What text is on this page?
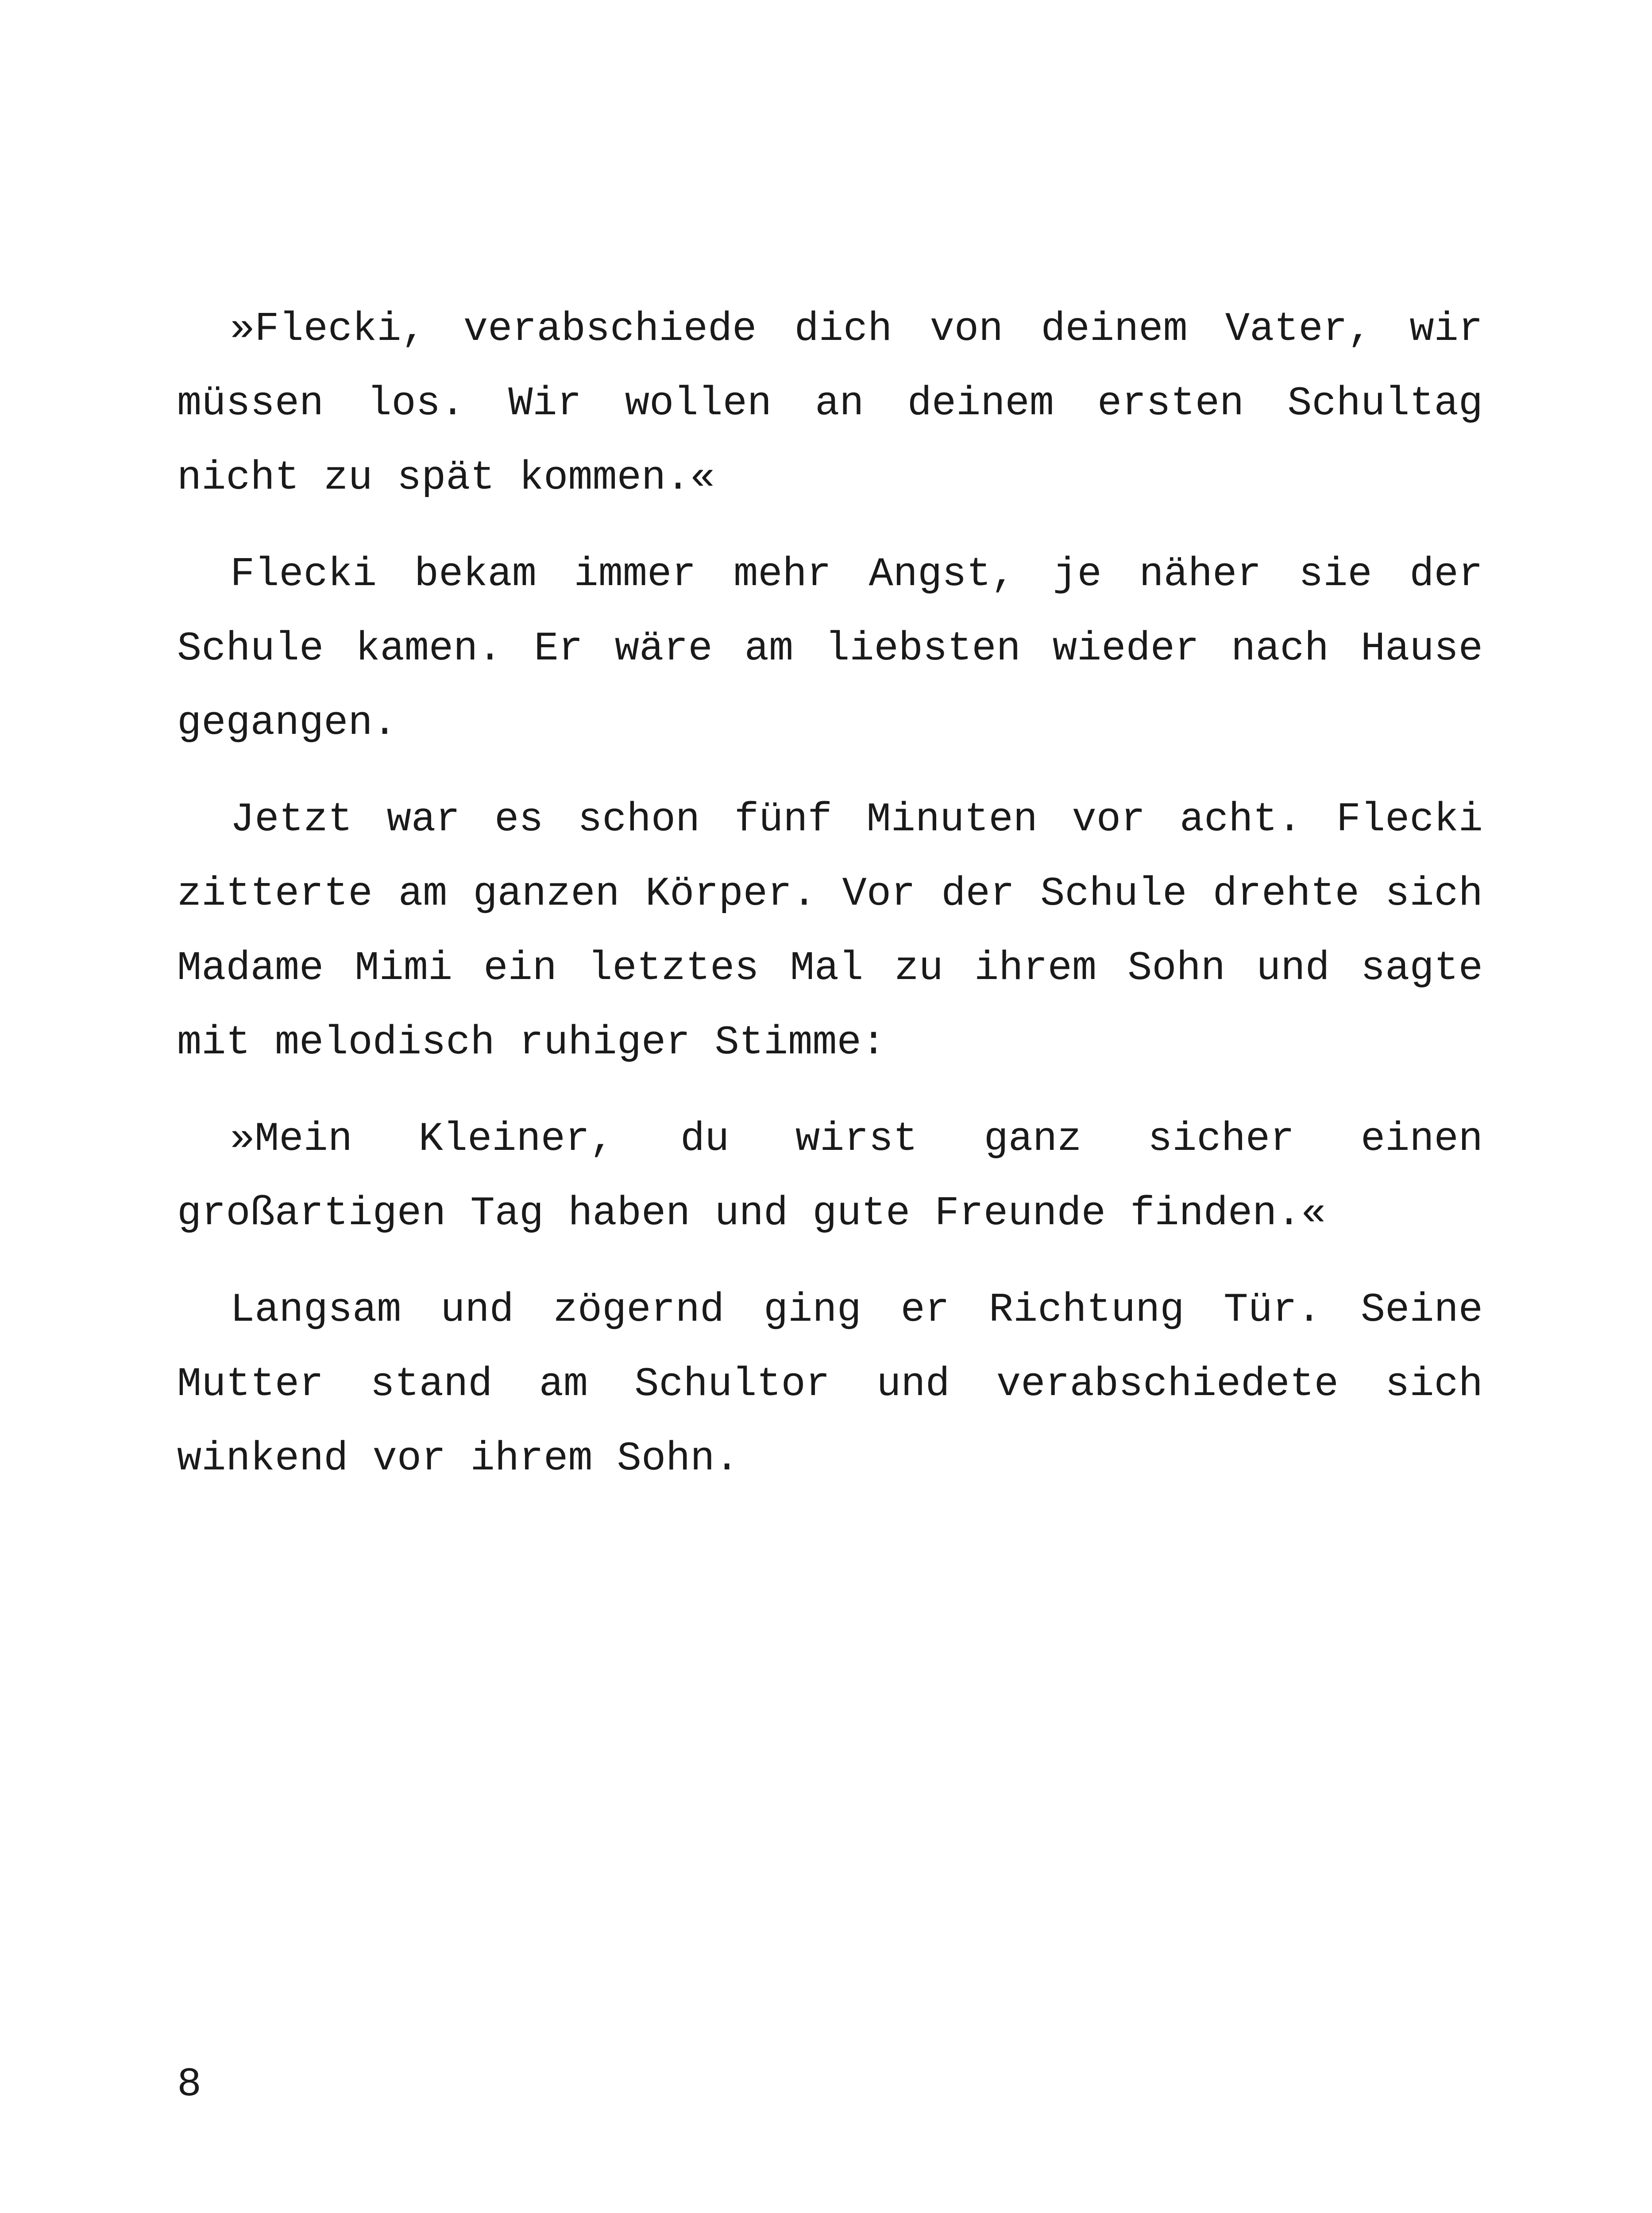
»Flecki, verabschiede dich von deinem Vater, wir müssen los. Wir wollen an deinem ersten Schultag nicht zu spät kommen.«

Flecki bekam immer mehr Angst, je näher sie der Schule kamen. Er wäre am liebsten wieder nach Hause gegangen.

Jetzt war es schon fünf Minuten vor acht. Flecki zitterte am ganzen Körper. Vor der Schule drehte sich Madame Mimi ein letztes Mal zu ihrem Sohn und sagte mit melodisch ruhiger Stimme:

»Mein Kleiner, du wirst ganz sicher einen großartigen Tag haben und gute Freunde finden.«

Langsam und zögernd ging er Richtung Tür. Seine Mutter stand am Schultor und verabschiedete sich winkend vor ihrem Sohn.

8
